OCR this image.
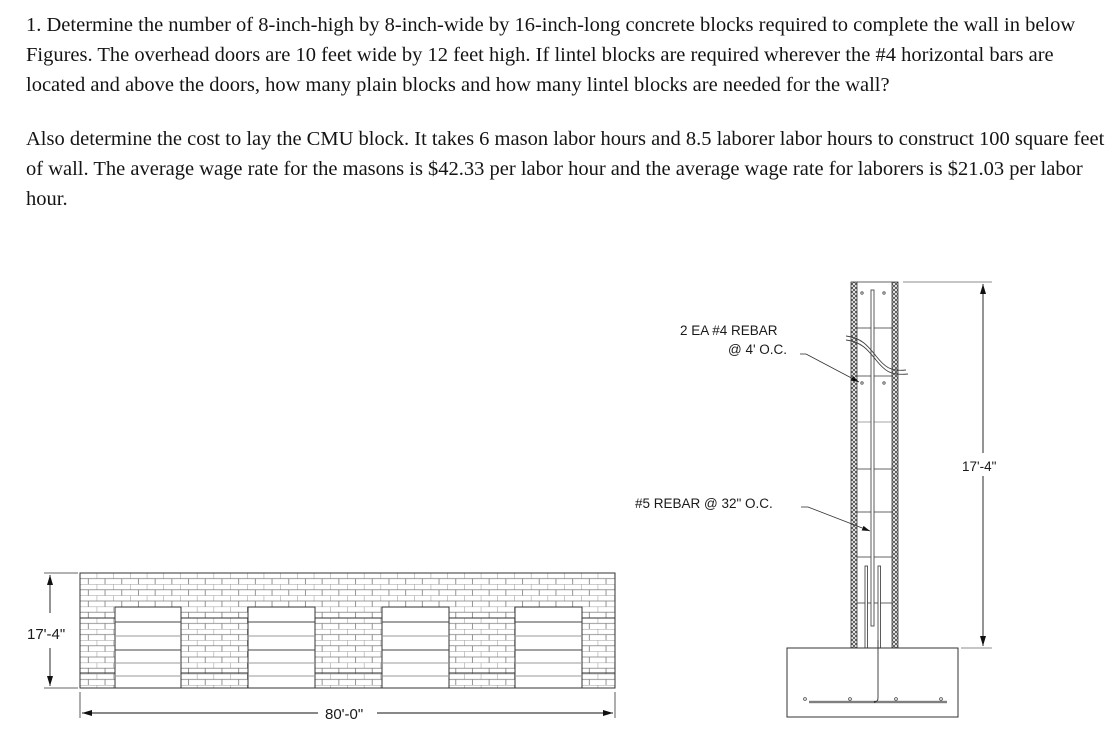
1. Determine the number of 8-inch-high by 8-inch-wide by 16-inch-long concrete blocks required to complete the wall in below Figures. The overhead doors are 10 feet wide by 12 feet high. If lintel blocks are required wherever the #4 horizontal bars are located and above the doors, how many plain blocks and how many lintel blocks are needed for the wall?

Also determine the cost to lay the CMU block. It takes 6 mason labor hours and 8.5 laborer labor hours to construct 100 square feet of wall. The average wage rate for the masons is $42.33 per labor hour and the average wage rate for laborers is $21.03 per labor hour.

17'-4"
80'-0"
2 EA #4 REBAR
@ 4' O.C.
#5 REBAR @ 32" O.C.
17'-4"
